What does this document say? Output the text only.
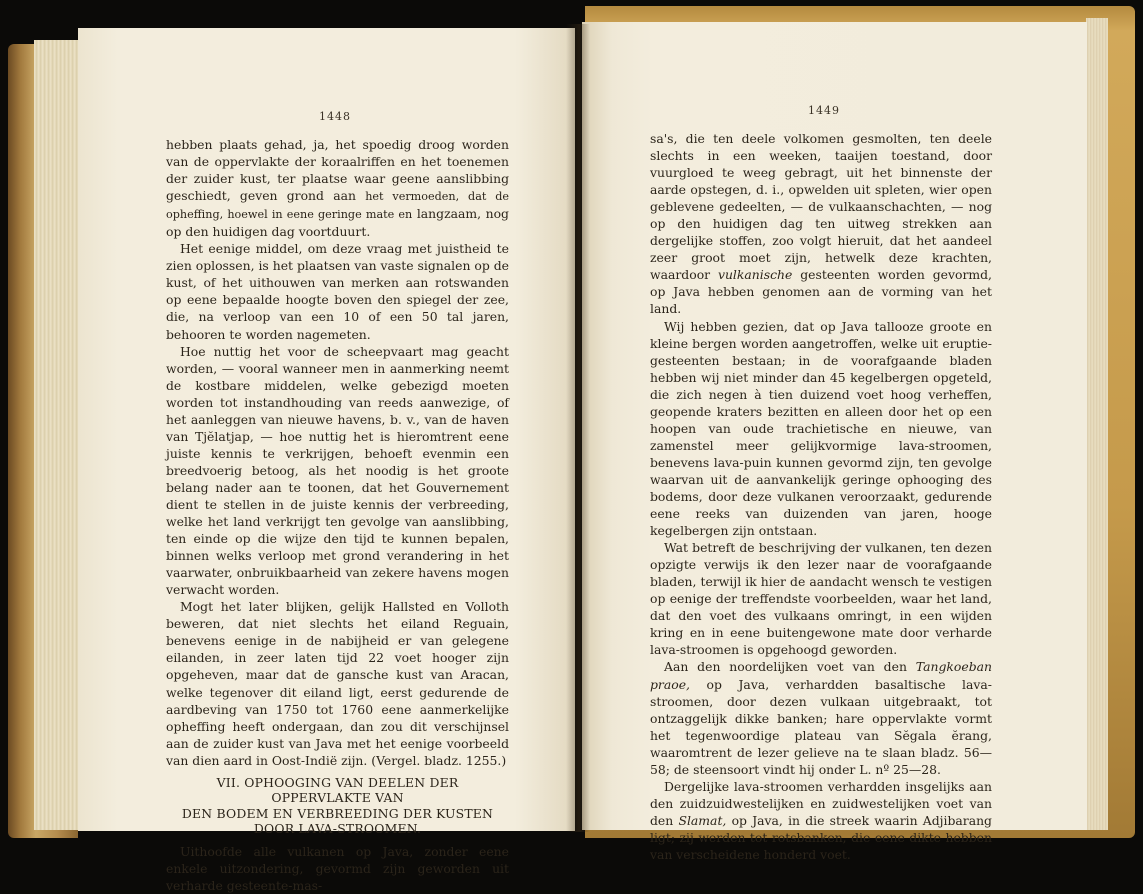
1448

hebben plaats gehad, ja, het spoedig droog worden van de oppervlakte der koraalriffen en het toenemen der zuider kust, ter plaatse waar geene aanslibbing geschiedt, geven grond aan het vermoeden, dat de opheffing, hoewel in eene geringe mate en langzaam, nog op den huidigen dag voortduurt.

Het eenige middel, om deze vraag met juistheid te zien oplossen, is het plaatsen van vaste signalen op de kust, of het uithouwen van merken aan rotswanden op eene bepaalde hoogte boven den spiegel der zee, die, na verloop van een 10 of een 50 tal jaren, behooren te worden nagemeten.

Hoe nuttig het voor de scheepvaart mag geacht worden, — vooral wanneer men in aanmerking neemt de kostbare middelen, welke gebezigd moeten worden tot instandhouding van reeds aanwezige, of het aanleggen van nieuwe havens, b. v., van de haven van Tjĕlatjap, — hoe nuttig het is hieromtrent eene juiste kennis te verkrijgen, behoeft evenmin een breedvoerig betoog, als het noodig is het groote belang nader aan te toonen, dat het Gouvernement dient te stellen in de juiste kennis der verbreeding, welke het land verkrijgt ten gevolge van aanslibbing, ten einde op die wijze den tijd te kunnen bepalen, binnen welks verloop met grond verandering in het vaarwater, onbruikbaarheid van zekere havens mogen verwacht worden.

Mogt het later blijken, gelijk Hallsted en Volloth beweren, dat niet slechts het eiland Reguain, benevens eenige in de nabijheid er van gelegene eilanden, in zeer laten tijd 22 voet hooger zijn opgeheven, maar dat de gansche kust van Aracan, welke tegenover dit eiland ligt, eerst gedurende de aardbeving van 1750 tot 1760 eene aanmerkelijke opheffing heeft ondergaan, dan zou dit verschijnsel aan de zuider kust van Java met het eenige voorbeeld van dien aard in Oost-Indië zijn. (Vergel. bladz. 1255.)

VII. OPHOOGING VAN DEELEN DER OPPERVLAKTE VAN
DEN BODEM EN VERBREEDING DER KUSTEN
DOOR LAVA-STROOMEN.

Uithoofde alle vulkanen op Java, zonder eene enkele uitzondering, gevormd zijn geworden uit verharde gesteente-mas-

1449

sa's, die ten deele volkomen gesmolten, ten deele slechts in een weeken, taaijen toestand, door vuurgloed te weeg gebragt, uit het binnenste der aarde opstegen, d. i., opwelden uit spleten, wier open geblevene gedeelten, — de vulkaanschachten, — nog op den huidigen dag ten uitweg strekken aan dergelijke stoffen, zoo volgt hieruit, dat het aandeel zeer groot moet zijn, hetwelk deze krachten, waardoor vulkanische gesteenten worden gevormd, op Java hebben genomen aan de vorming van het land.

Wij hebben gezien, dat op Java tallooze groote en kleine bergen worden aangetroffen, welke uit eruptie-gesteenten bestaan; in de voorafgaande bladen hebben wij niet minder dan 45 kegelbergen opgeteld, die zich negen à tien duizend voet hoog verheffen, geopende kraters bezitten en alleen door het op een hoopen van oude trachietische en nieuwe, van zamenstel meer gelijkvormige lava-stroomen, benevens lava-puin kunnen gevormd zijn, ten gevolge waarvan uit de aanvankelijk geringe ophooging des bodems, door deze vulkanen veroorzaakt, gedurende eene reeks van duizenden van jaren, hooge kegelbergen zijn ontstaan.

Wat betreft de beschrijving der vulkanen, ten dezen opzigte verwijs ik den lezer naar de voorafgaande bladen, terwijl ik hier de aandacht wensch te vestigen op eenige der treffendste voorbeelden, waar het land, dat den voet des vulkaans omringt, in een wijden kring en in eene buitengewone mate door verharde lava-stroomen is opgehoogd geworden.

Aan den noordelijken voet van den Tangkoeban praoe, op Java, verhardden basaltische lava-stroomen, door dezen vulkaan uitgebraakt, tot ontzaggelijk dikke banken; hare oppervlakte vormt het tegenwoordige plateau van Sĕgala ĕrang, waaromtrent de lezer gelieve na te slaan bladz. 56—58; de steensoort vindt hij onder L. nº 25—28.

Dergelijke lava-stroomen verhardden insgelijks aan den zuidzuidwestelijken en zuidwestelijken voet van den Slamat, op Java, in die streek waarin Adjibarang ligt; zij werden tot rotsbanken, die eene dikte hebben van verscheidene honderd voet.
